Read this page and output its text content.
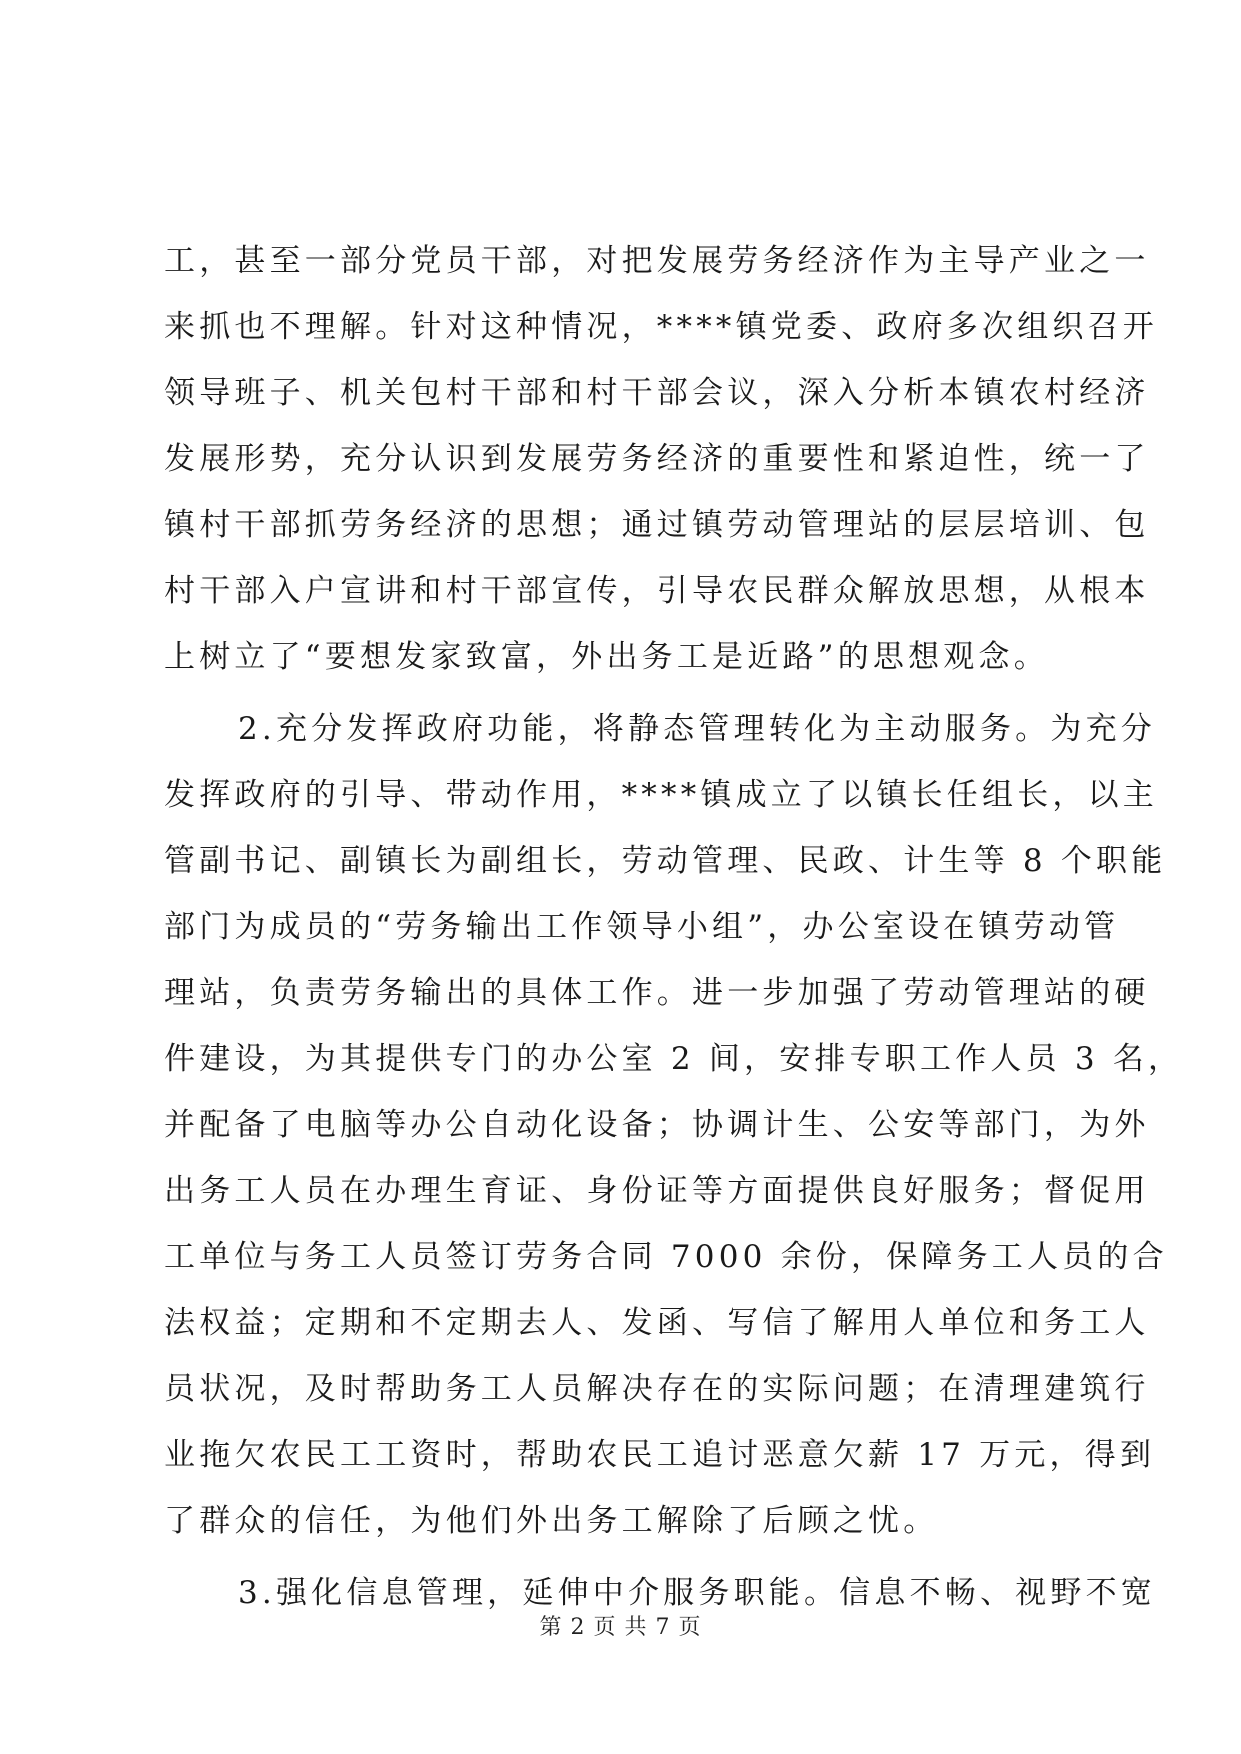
工，甚至一部分党员干部，对把发展劳务经济作为主导产业之一

来抓也不理解。针对这种情况，****镇党委、政府多次组织召开

领导班子、机关包村干部和村干部会议，深入分析本镇农村经济

发展形势，充分认识到发展劳务经济的重要性和紧迫性，统一了

镇村干部抓劳务经济的思想；通过镇劳动管理站的层层培训、包

村干部入户宣讲和村干部宣传，引导农民群众解放思想，从根本

上树立了“要想发家致富，外出务工是近路”的思想观念。

2.充分发挥政府功能，将静态管理转化为主动服务。为充分

发挥政府的引导、带动作用，****镇成立了以镇长任组长，以主

管副书记、副镇长为副组长，劳动管理、民政、计生等 8 个职能

部门为成员的“劳务输出工作领导小组”，办公室设在镇劳动管

理站，负责劳务输出的具体工作。进一步加强了劳动管理站的硬

件建设，为其提供专门的办公室 2 间，安排专职工作人员 3 名，

并配备了电脑等办公自动化设备；协调计生、公安等部门，为外

出务工人员在办理生育证、身份证等方面提供良好服务；督促用

工单位与务工人员签订劳务合同 7000 余份，保障务工人员的合

法权益；定期和不定期去人、发函、写信了解用人单位和务工人

员状况，及时帮助务工人员解决存在的实际问题；在清理建筑行

业拖欠农民工工资时，帮助农民工追讨恶意欠薪 17 万元，得到

了群众的信任，为他们外出务工解除了后顾之忧。

3.强化信息管理，延伸中介服务职能。信息不畅、视野不宽

第 2 页 共 7 页
